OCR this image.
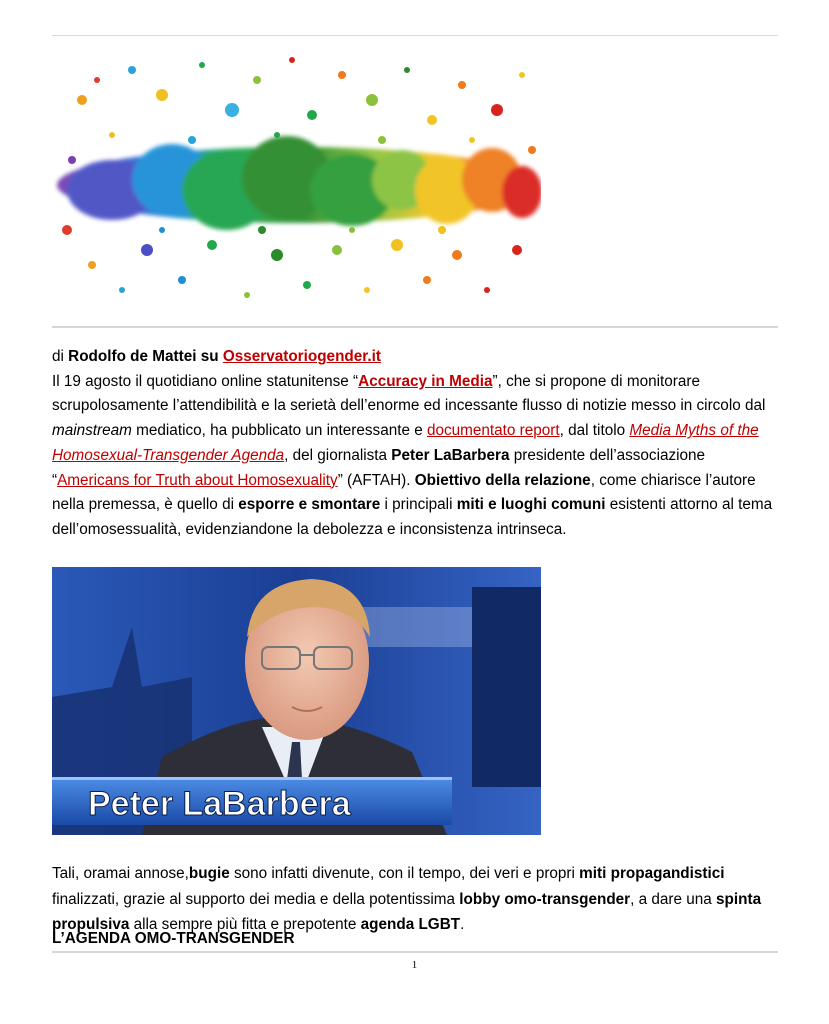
di Rodolfo de Mattei su Osservatoriogender.it

Il 19 agosto il quotidiano online statunitense “Accuracy in Media”, che si propone di monitorare scrupolosamente l’attendibilità e la serietà dell’enorme ed incessante flusso di notizie messo in circolo dal mainstream mediatico, ha pubblicato un interessante e documentato report, dal titolo Media Myths of the Homosexual-Transgender Agenda, del giornalista Peter LaBarbera presidente dell’associazione “Americans for Truth about Homosexuality” (AFTAH). Obiettivo della relazione, come chiarisce l’autore nella premessa, è quello di esporre e smontare i principali miti e luoghi comuni esistenti attorno al tema dell’omosessualità, evidenziandone la debolezza e inconsistenza intrinseca.

Peter LaBarbera

Tali, oramai annose,bugie sono infatti divenute, con il tempo, dei veri e propri miti propagandistici finalizzati, grazie al supporto dei media e della potentissima lobby omo-transgender, a dare una spinta propulsiva alla sempre più fitta e prepotente agenda LGBT.

L’AGENDA OMO-TRANSGENDER
1
